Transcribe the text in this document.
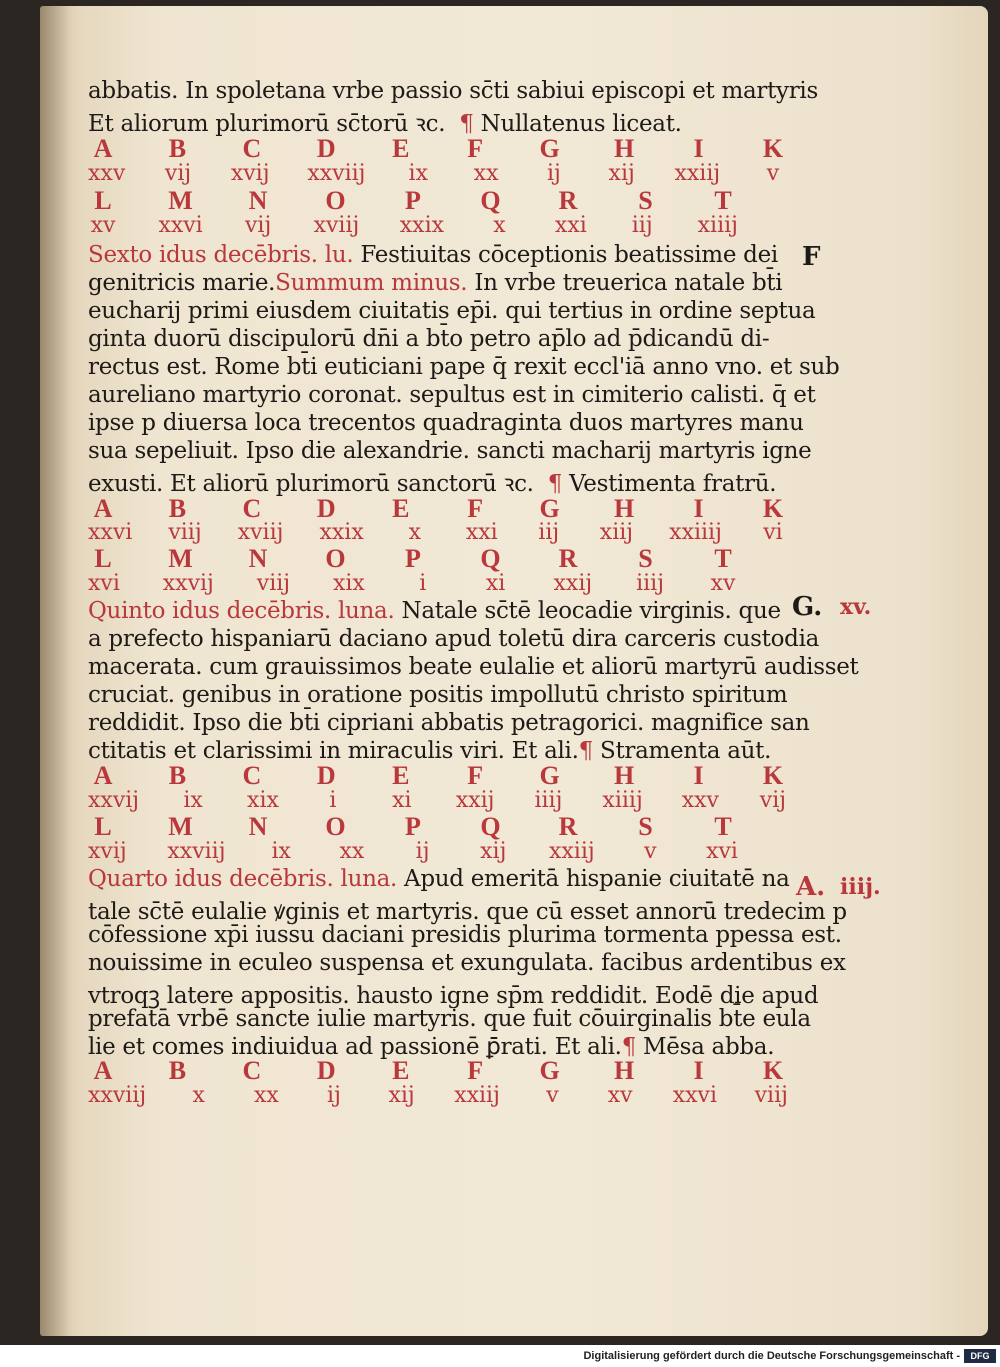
abbatis. In spoletana vrbe passio sc̄ti sabiui episcopi et martyris
Et aliorum plurimorū sc̄torū ꝛc. ¶ Nullatenus liceat.
A B C D E F G H	I	K
xxv vij xvij xxviij ix xx	ij	xij xxiij	v
L M N O P Q R S T
xv xxvi vij xviij xxix	x	xxi iij xiiij
Sexto idus decēbris. lu. Festiuitas cōceptionis beatissime dei
genitricis marie.Summum minus. In vrbe treuerica natale bt̄i
eucharij primi eiusdem ciuitatis ep̄i. qui tertius in ordine septua
ginta duorū discipulorū dn̄i a bt̄o petro ap̄lo ad p̄dicandū di-
rectus est. Rome bt̄i euticiani pape q̄ rexit eccl'iā anno vno. et sub
aureliano martyrio coronat. sepultus est in cimiterio calisti. q̄ et
ipse p diuersa loca trecentos quadraginta duos martyres manu
sua sepeliuit. Ipso die alexandrie. sancti macharij martyris igne
exusti. Et aliorū plurimorū sanctorū ꝛc. ¶ Vestimenta fratrū.
A B C D E F G H	I	K
xxvi viij xviij xxix	x	xxi iij xiij xxiiij vi
L M N O P Q R S T
xvi xxvij viij xix	i	xi xxij iiij xv
Quinto idus decēbris. luna. Natale sc̄tē leocadie virginis. que
a prefecto hispaniarū daciano apud toletū dira carceris custodia
macerata. cum grauissimos beate eulalie et aliorū martyrū audisset
cruciat. genibus in oratione positis impollutū christo spiritum
reddidit. Ipso die bt̄i cipriani abbatis petragorici. magnifice san
ctitatis et clarissimi in miraculis viri. Et ali.¶ Stramenta aūt.
A B C D E F G H	I	K
xxvij ix xix	i	xi xxij iiij xiiij xxv vij
L M N O P Q R S T
xvij xxviij ix xx	ij	xij xxiij	v	xvi
Quarto idus decēbris. luna. Apud emeritā hispanie ciuitatē na
tale sc̄tē eulalie ꝟginis et martyris. que cū esset annorū tredecim p
cōfessione xp̄i iussu daciani presidis plurima tormenta ppessa est.
nouissime in eculeo suspensa et exungulata. facibus ardentibus ex
vtroqꝫ latere appositis. hausto igne sp̄m reddidit. Eodē die apud
prefatā vrbē sancte iulie martyris. que fuit cōuirginalis bt̄e eula
lie et comes indiuidua ad passionē ꝑ̄rati. Et ali.¶ Mēsa abba.
A B C D E F G H	I	K
xxviij	x	xx	ij	xij xxiij	v	xv xxvi viij
F
G. xv.
A. iiij.
Digitalisierung gefördert durch die Deutsche Forschungsgemeinschaft -	DFG
